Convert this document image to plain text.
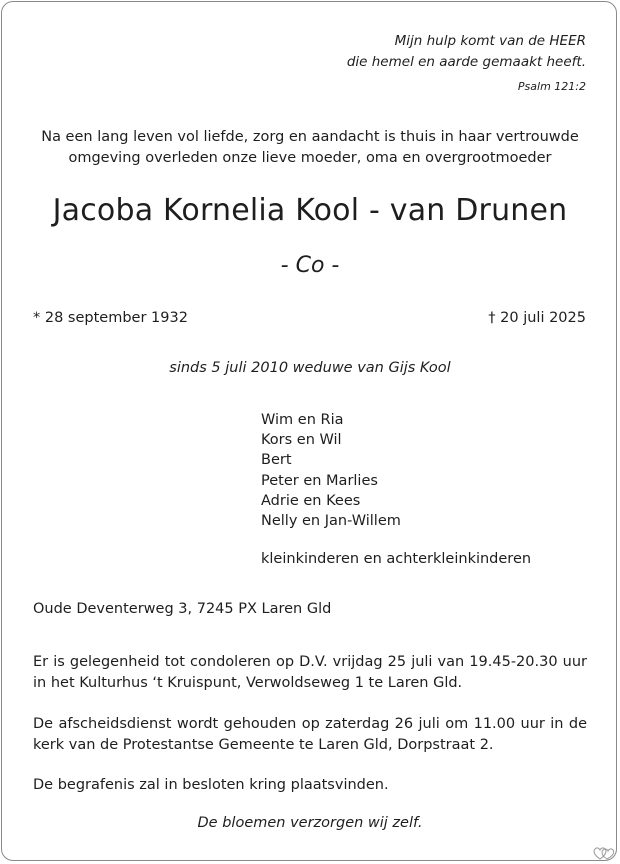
Mijn hulp komt van de HEER
die hemel en aarde gemaakt heeft.
Psalm 121:2
Na een lang leven vol liefde, zorg en aandacht is thuis in haar vertrouwde
omgeving overleden onze lieve moeder, oma en overgrootmoeder
Jacoba Kornelia Kool - van Drunen
- Co -
* 28 september 1932	† 20 juli 2025
sinds 5 juli 2010 weduwe van Gijs Kool
Wim en Ria
Kors en Wil
Bert
Peter en Marlies
Adrie en Kees
Nelly en Jan-Willem
kleinkinderen en achterkleinkinderen
Oude Deventerweg 3, 7245 PX Laren Gld
Er is gelegenheid tot condoleren op D.V. vrijdag 25 juli van 19.45-20.30 uur in het Kulturhus ‘t Kruispunt, Verwoldseweg 1 te Laren Gld.
De afscheidsdienst wordt gehouden op zaterdag 26 juli om 11.00 uur in de kerk van de Protestantse Gemeente te Laren Gld, Dorpstraat 2.
De begrafenis zal in besloten kring plaatsvinden.
De bloemen verzorgen wij zelf.
